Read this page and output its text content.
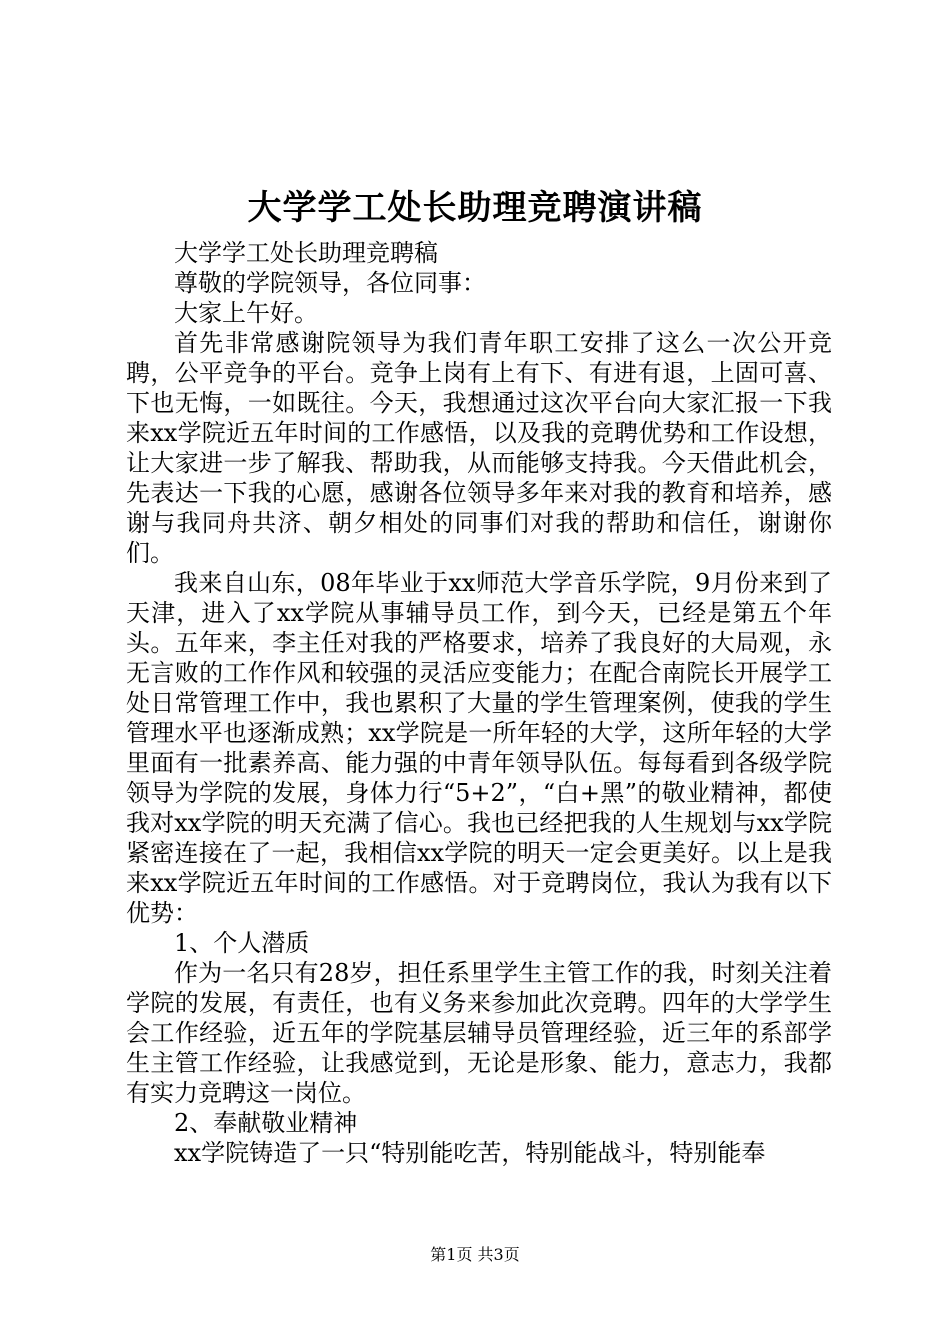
大学学工处长助理竞聘演讲稿

大学学工处长助理竞聘稿

尊敬的学院领导，各位同事：

大家上午好。

首先非常感谢院领导为我们青年职工安排了这么一次公开竞聘，公平竞争的平台。竞争上岗有上有下、有进有退，上固可喜、下也无悔，一如既往。今天，我想通过这次平台向大家汇报一下我来xx学院近五年时间的工作感悟，以及我的竞聘优势和工作设想，让大家进一步了解我、帮助我，从而能够支持我。今天借此机会，先表达一下我的心愿，感谢各位领导多年来对我的教育和培养，感谢与我同舟共济、朝夕相处的同事们对我的帮助和信任，谢谢你们。

我来自山东，08年毕业于xx师范大学音乐学院，9月份来到了天津，进入了xx学院从事辅导员工作，到今天，已经是第五个年头。五年来，李主任对我的严格要求，培养了我良好的大局观，永无言败的工作作风和较强的灵活应变能力；在配合南院长开展学工处日常管理工作中，我也累积了大量的学生管理案例，使我的学生管理水平也逐渐成熟；xx学院是一所年轻的大学，这所年轻的大学里面有一批素养高、能力强的中青年领导队伍。每每看到各级学院领导为学院的发展，身体力行“5+2”，“白+黑”的敬业精神，都使我对xx学院的明天充满了信心。我也已经把我的人生规划与xx学院紧密连接在了一起，我相信xx学院的明天一定会更美好。以上是我来xx学院近五年时间的工作感悟。对于竞聘岗位，我认为我有以下优势：

1、个人潜质

作为一名只有28岁，担任系里学生主管工作的我，时刻关注着学院的发展，有责任，也有义务来参加此次竞聘。四年的大学学生会工作经验，近五年的学院基层辅导员管理经验，近三年的系部学生主管工作经验，让我感觉到，无论是形象、能力，意志力，我都有实力竞聘这一岗位。

2、奉献敬业精神

xx学院铸造了一只“特别能吃苦，特别能战斗，特别能奉

第1页 共3页
